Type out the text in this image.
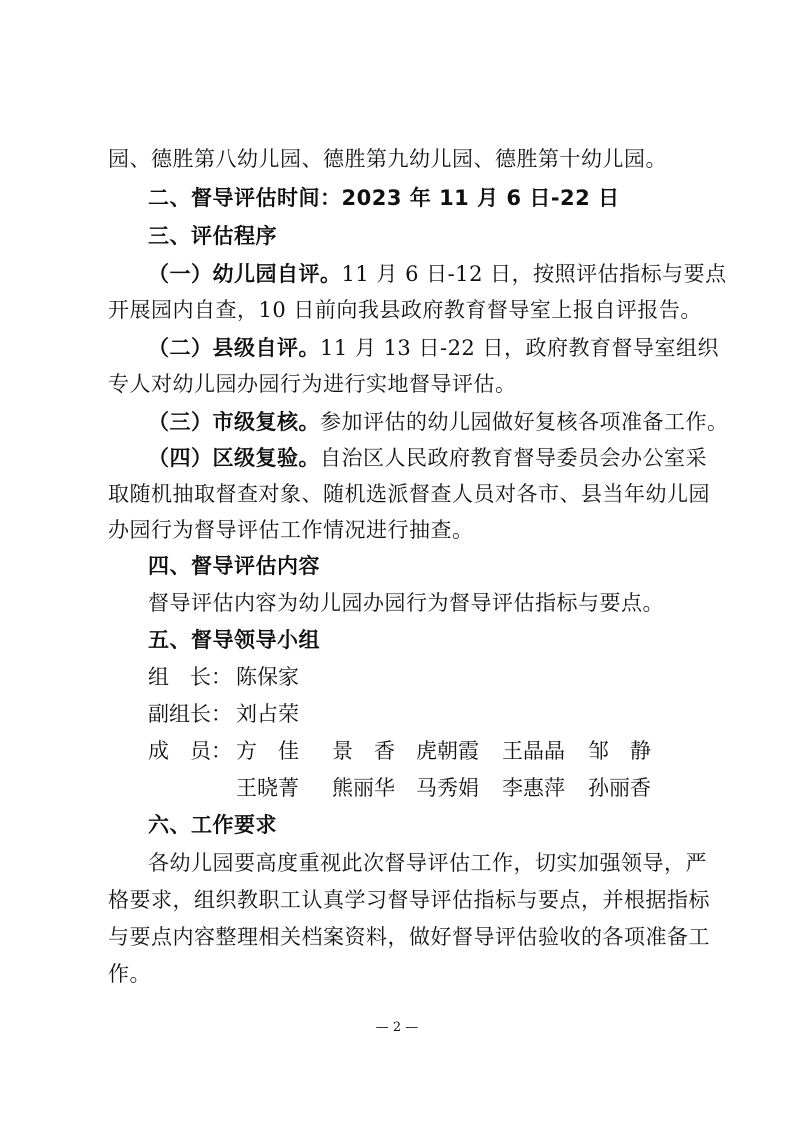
园、德胜第八幼儿园、德胜第九幼儿园、德胜第十幼儿园。
二、督导评估时间：2023 年 11 月 6 日-22 日
三、评估程序
（一）幼儿园自评。11 月 6 日-12 日，按照评估指标与要点
开展园内自查，10 日前向我县政府教育督导室上报自评报告。
（二）县级自评。11 月 13 日-22 日，政府教育督导室组织
专人对幼儿园办园行为进行实地督导评估。
（三）市级复核。参加评估的幼儿园做好复核各项准备工作。
（四）区级复验。自治区人民政府教育督导委员会办公室采
取随机抽取督查对象、随机选派督查人员对各市、县当年幼儿园
办园行为督导评估工作情况进行抽查。
四、督导评估内容
督导评估内容为幼儿园办园行为督导评估指标与要点。
五、督导领导小组
组　长： 陈保家
副组长： 刘占荣
成　员： 方　佳 景　香 虎朝霞 王晶晶 邹　静
王晓菁 熊丽华 马秀娟 李惠萍 孙丽香
六、工作要求
各幼儿园要高度重视此次督导评估工作，切实加强领导，严
格要求，组织教职工认真学习督导评估指标与要点，并根据指标
与要点内容整理相关档案资料，做好督导评估验收的各项准备工
作。
— 2 —
